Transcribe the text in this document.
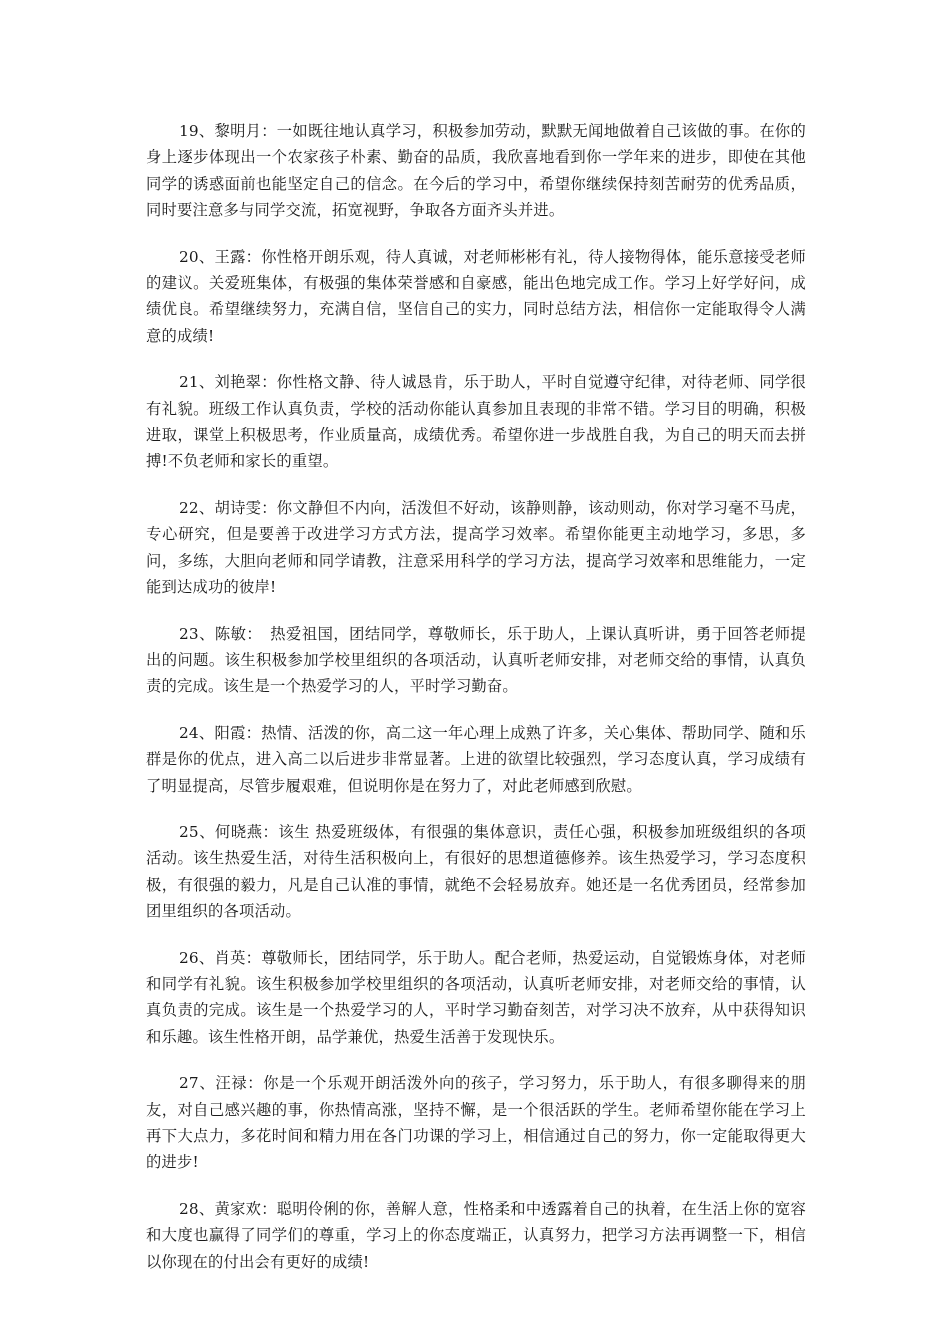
19、黎明月：一如既往地认真学习，积极参加劳动，默默无闻地做着自己该做的事。在你的身上逐步体现出一个农家孩子朴素、勤奋的品质，我欣喜地看到你一学年来的进步，即使在其他同学的诱惑面前也能坚定自己的信念。在今后的学习中，希望你继续保持刻苦耐劳的优秀品质，同时要注意多与同学交流，拓宽视野，争取各方面齐头并进。

20、王露：你性格开朗乐观，待人真诚，对老师彬彬有礼，待人接物得体，能乐意接受老师的建议。关爱班集体，有极强的集体荣誉感和自豪感，能出色地完成工作。学习上好学好问，成绩优良。希望继续努力，充满自信，坚信自己的实力，同时总结方法，相信你一定能取得令人满意的成绩!

21、刘艳翠：你性格文静、待人诚恳肯，乐于助人，平时自觉遵守纪律，对待老师、同学很有礼貌。班级工作认真负责，学校的活动你能认真参加且表现的非常不错。学习目的明确，积极进取，课堂上积极思考，作业质量高，成绩优秀。希望你进一步战胜自我，为自己的明天而去拼搏!不负老师和家长的重望。

22、胡诗雯：你文静但不内向，活泼但不好动，该静则静，该动则动，你对学习毫不马虎，专心研究，但是要善于改进学习方式方法，提高学习效率。希望你能更主动地学习，多思，多问，多练，大胆向老师和同学请教，注意采用科学的学习方法，提高学习效率和思维能力，一定能到达成功的彼岸!

23、陈敏：　热爱祖国，团结同学，尊敬师长，乐于助人，上课认真听讲，勇于回答老师提出的问题。该生积极参加学校里组织的各项活动，认真听老师安排，对老师交给的事情，认真负责的完成。该生是一个热爱学习的人，平时学习勤奋。

24、阳霞：热情、活泼的你，高二这一年心理上成熟了许多，关心集体、帮助同学、随和乐群是你的优点，进入高二以后进步非常显著。上进的欲望比较强烈，学习态度认真，学习成绩有了明显提高，尽管步履艰难，但说明你是在努力了，对此老师感到欣慰。

25、何晓燕：该生 热爱班级体，有很强的集体意识，责任心强，积极参加班级组织的各项活动。该生热爱生活，对待生活积极向上，有很好的思想道德修养。该生热爱学习，学习态度积极，有很强的毅力，凡是自己认准的事情，就绝不会轻易放弃。她还是一名优秀团员，经常参加团里组织的各项活动。

26、肖英：尊敬师长，团结同学，乐于助人。配合老师，热爱运动，自觉锻炼身体，对老师和同学有礼貌。该生积极参加学校里组织的各项活动，认真听老师安排，对老师交给的事情，认真负责的完成。该生是一个热爱学习的人，平时学习勤奋刻苦，对学习决不放弃，从中获得知识和乐趣。该生性格开朗，品学兼优，热爱生活善于发现快乐。

27、汪禄：你是一个乐观开朗活泼外向的孩子，学习努力，乐于助人，有很多聊得来的朋友，对自己感兴趣的事，你热情高涨，坚持不懈，是一个很活跃的学生。老师希望你能在学习上再下大点力，多花时间和精力用在各门功课的学习上，相信通过自己的努力，你一定能取得更大的进步!

28、黄家欢：聪明伶俐的你，善解人意，性格柔和中透露着自己的执着，在生活上你的宽容和大度也赢得了同学们的尊重，学习上的你态度端正，认真努力，把学习方法再调整一下，相信以你现在的付出会有更好的成绩!
